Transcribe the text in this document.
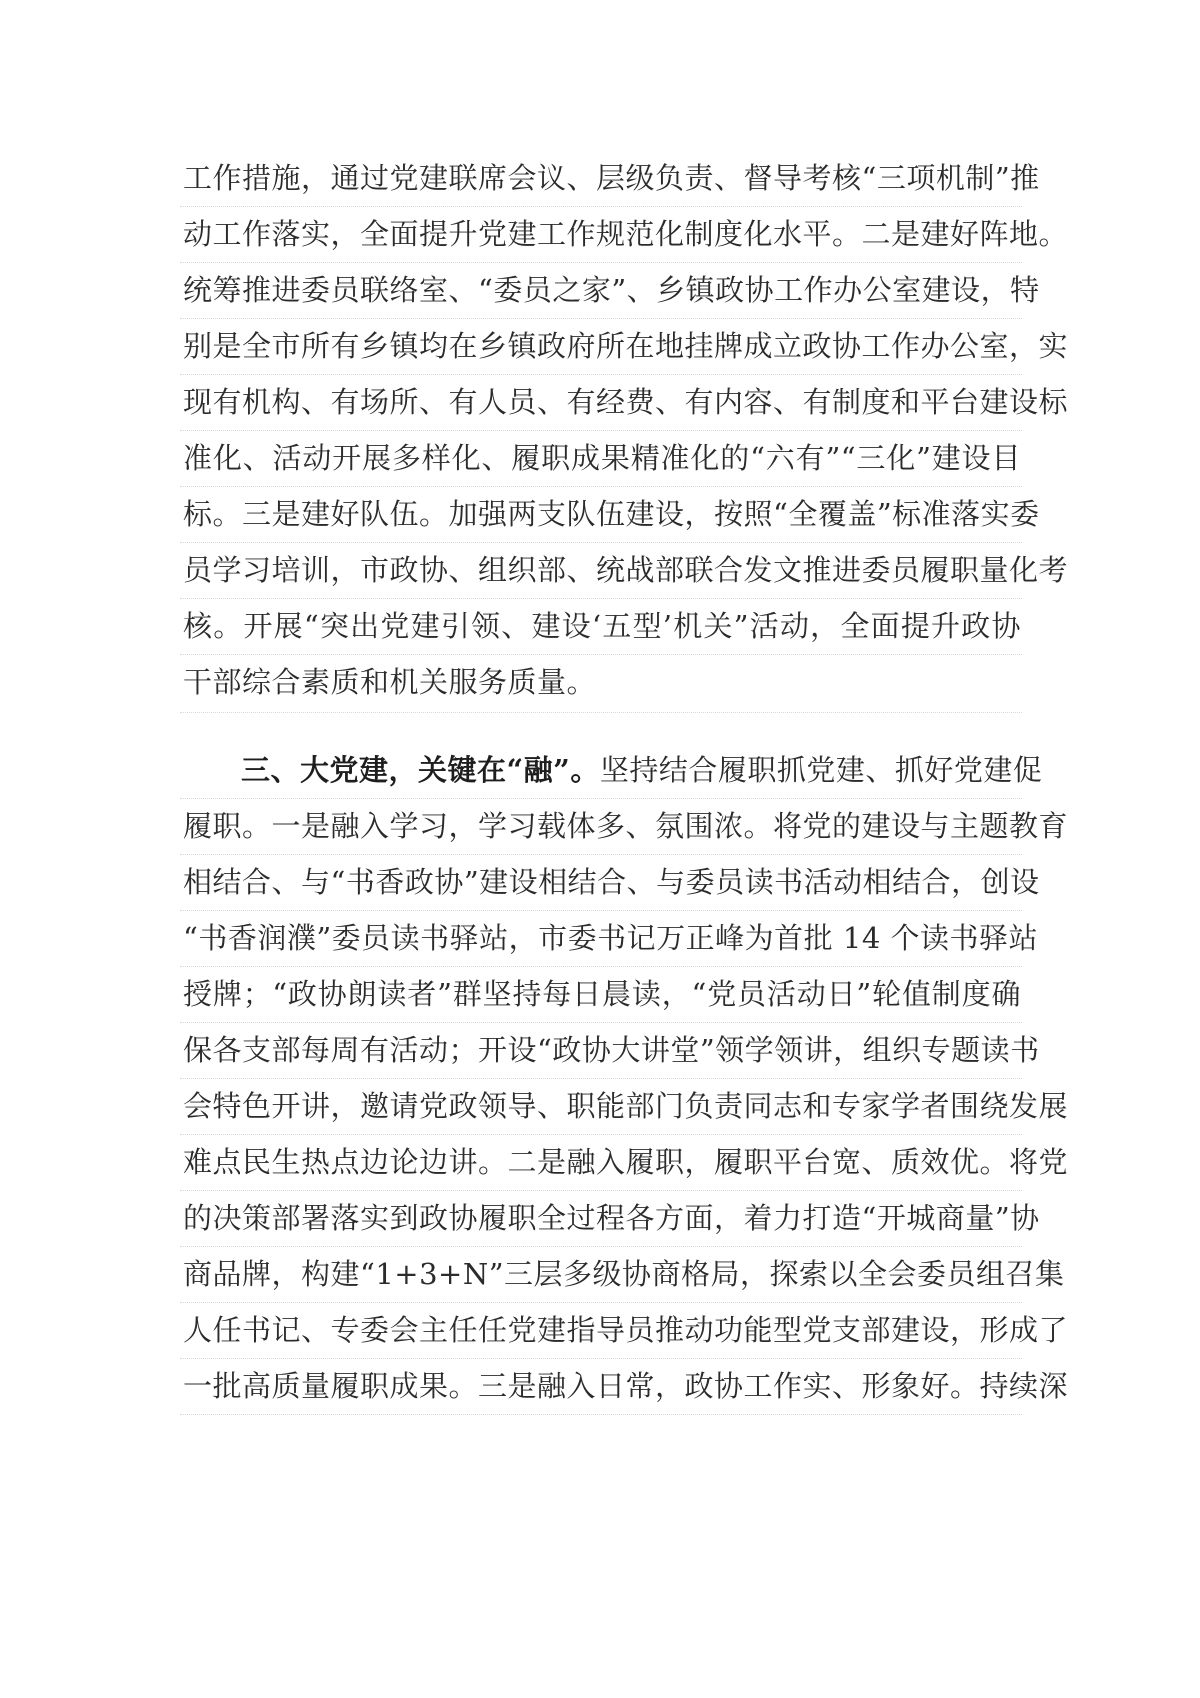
工作措施，通过党建联席会议、层级负责、督导考核“三项机制”推
动工作落实，全面提升党建工作规范化制度化水平。二是建好阵地。
统筹推进委员联络室、“委员之家”、乡镇政协工作办公室建设，特
别是全市所有乡镇均在乡镇政府所在地挂牌成立政协工作办公室，实
现有机构、有场所、有人员、有经费、有内容、有制度和平台建设标
准化、活动开展多样化、履职成果精准化的“六有”“三化”建设目
标。三是建好队伍。加强两支队伍建设，按照“全覆盖”标准落实委
员学习培训，市政协、组织部、统战部联合发文推进委员履职量化考
核。开展“突出党建引领、建设‘五型’机关”活动，全面提升政协
干部综合素质和机关服务质量。
三、大党建，关键在“融”。坚持结合履职抓党建、抓好党建促
履职。一是融入学习，学习载体多、氛围浓。将党的建设与主题教育
相结合、与“书香政协”建设相结合、与委员读书活动相结合，创设
“书香润濮”委员读书驿站，市委书记万正峰为首批 14 个读书驿站
授牌；“政协朗读者”群坚持每日晨读，“党员活动日”轮值制度确
保各支部每周有活动；开设“政协大讲堂”领学领讲，组织专题读书
会特色开讲，邀请党政领导、职能部门负责同志和专家学者围绕发展
难点民生热点边论边讲。二是融入履职，履职平台宽、质效优。将党
的决策部署落实到政协履职全过程各方面，着力打造“开城商量”协
商品牌，构建“1+3+N”三层多级协商格局，探索以全会委员组召集
人任书记、专委会主任任党建指导员推动功能型党支部建设，形成了
一批高质量履职成果。三是融入日常，政协工作实、形象好。持续深
